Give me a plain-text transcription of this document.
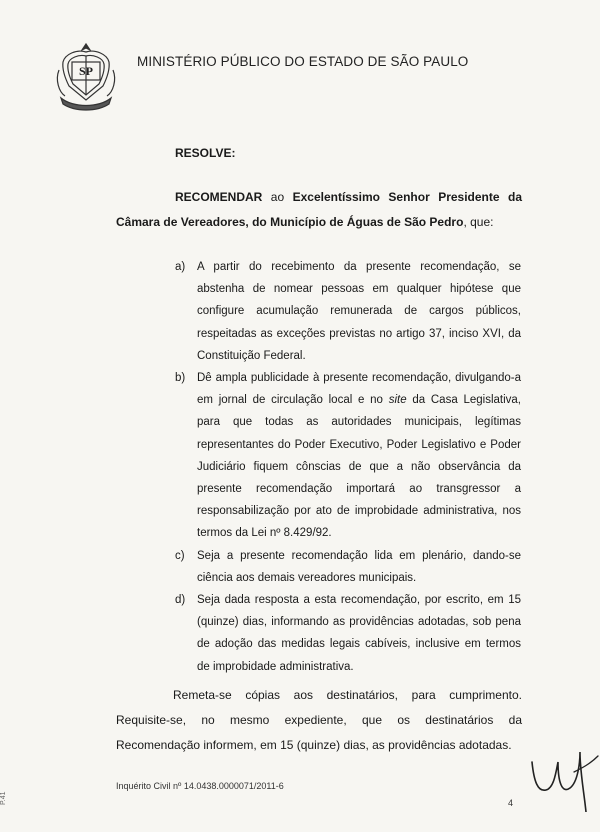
SP
MINISTÉRIO PÚBLICO DO ESTADO DE SÃO PAULO
RESOLVE:
RECOMENDAR ao Excelentíssimo Senhor Presidente da Câmara de Vereadores, do Município de Águas de São Pedro, que:
a)	A partir do recebimento da presente recomendação, se abstenha de nomear pessoas em qualquer hipótese que configure acumulação remunerada de cargos públicos, respeitadas as exceções previstas no artigo 37, inciso XVI, da Constituição Federal.
b)	Dê ampla publicidade à presente recomendação, divulgando-a em jornal de circulação local e no site da Casa Legislativa, para que todas as autoridades municipais, legítimas representantes do Poder Executivo, Poder Legislativo e Poder Judiciário fiquem cônscias de que a não observância da presente recomendação importará ao transgressor a responsabilização por ato de improbidade administrativa, nos termos da Lei nº 8.429/92.
c)	Seja a presente recomendação lida em plenário, dando-se ciência aos demais vereadores municipais.
d)	Seja dada resposta a esta recomendação, por escrito, em 15 (quinze) dias, informando as providências adotadas, sob pena de adoção das medidas legais cabíveis, inclusive em termos de improbidade administrativa.
Remeta-se cópias aos destinatários, para cumprimento. Requisite-se, no mesmo expediente, que os destinatários da Recomendação informem, em 15 (quinze) dias, as providências adotadas.
Inquérito Civil nº 14.0438.0000071/2011-6
4
P.41
